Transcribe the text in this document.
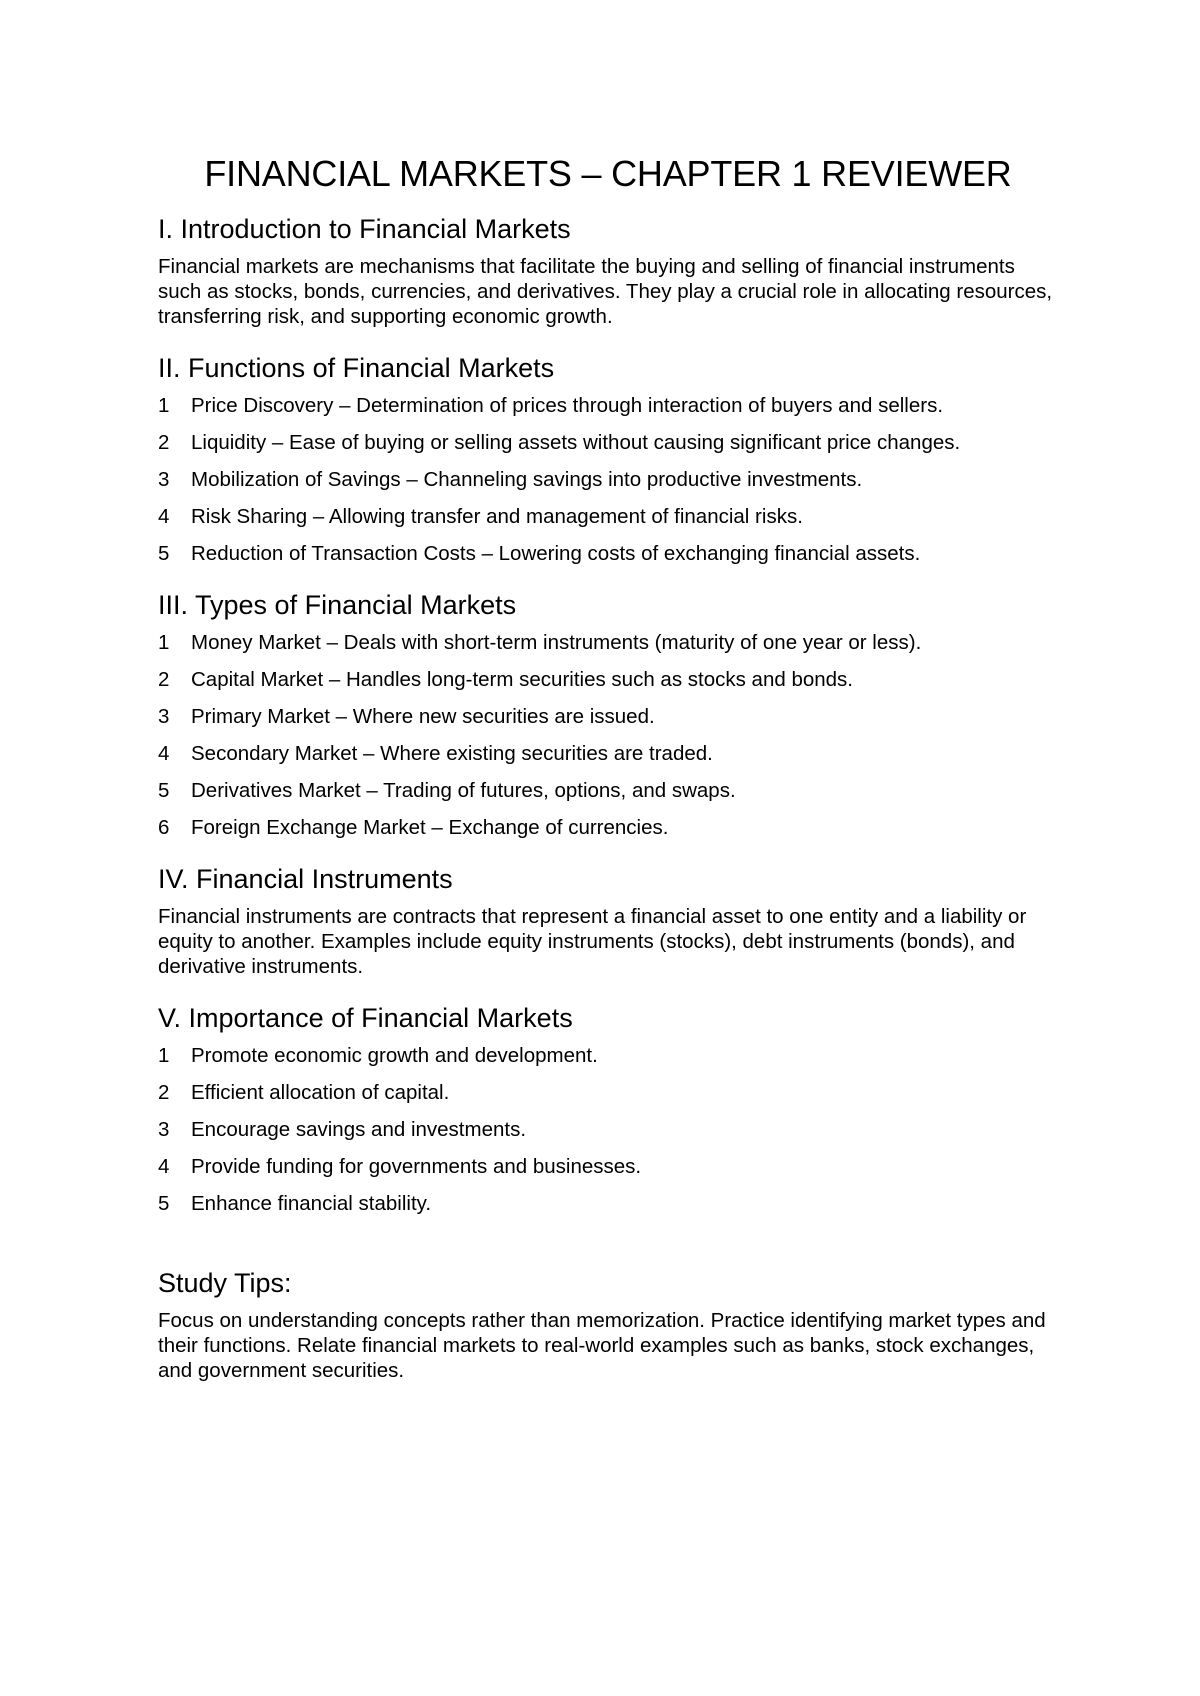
FINANCIAL MARKETS – CHAPTER 1 REVIEWER
I. Introduction to Financial Markets

Financial markets are mechanisms that facilitate the buying and selling of financial instruments such as stocks, bonds, currencies, and derivatives. They play a crucial role in allocating resources, transferring risk, and supporting economic growth.

II. Functions of Financial Markets
1	Price Discovery – Determination of prices through interaction of buyers and sellers.
2	Liquidity – Ease of buying or selling assets without causing significant price changes.
3	Mobilization of Savings – Channeling savings into productive investments.
4	Risk Sharing – Allowing transfer and management of financial risks.
5	Reduction of Transaction Costs – Lowering costs of exchanging financial assets.
III. Types of Financial Markets
1	Money Market – Deals with short-term instruments (maturity of one year or less).
2	Capital Market – Handles long-term securities such as stocks and bonds.
3	Primary Market – Where new securities are issued.
4	Secondary Market – Where existing securities are traded.
5	Derivatives Market – Trading of futures, options, and swaps.
6	Foreign Exchange Market – Exchange of currencies.
IV. Financial Instruments

Financial instruments are contracts that represent a financial asset to one entity and a liability or equity to another. Examples include equity instruments (stocks), debt instruments (bonds), and derivative instruments.

V. Importance of Financial Markets
1	Promote economic growth and development.
2	Efficient allocation of capital.
3	Encourage savings and investments.
4	Provide funding for governments and businesses.
5	Enhance financial stability.
Study Tips:

Focus on understanding concepts rather than memorization. Practice identifying market types and their functions. Relate financial markets to real-world examples such as banks, stock exchanges, and government securities.
